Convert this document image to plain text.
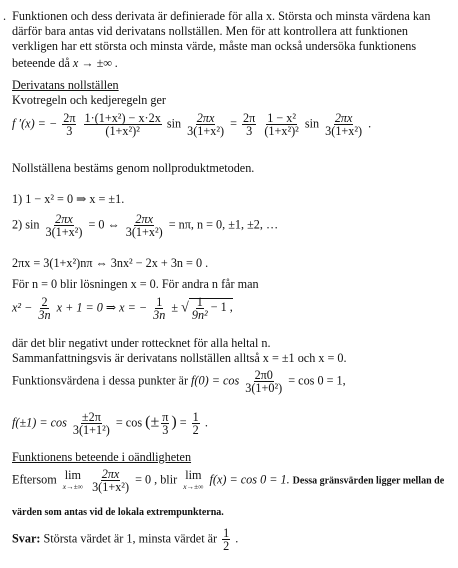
. Funktionen och dess derivata är definierade för alla x. Största och minsta värdena kan
därför bara antas vid derivatans nollställen. Men för att kontrollera att funktionen
verkligen har ett största och minsta värde, måste man också undersöka funktionens
beteende då x → ±∞ .
Derivatans nollställen
Kvotregeln och kedjeregeln ger
f ′(x) = − $\frac{2\pi}{3}$
$\frac{\text{1·(1+x²) − x·2x}}{\text{(1+x²)²}}$ $\sin \frac{2\pi x}{\text{3(1+x²)}} = \frac{2\pi}{3}$
$\frac{\text{1 − x²}}{\text{(1+x²)²}}$ $\sin \frac{2\pi x}{\text{3(1+x²)}}$ .
Nollställena bestäms genom nollproduktmetoden.
1) 1 − x² = 0 ⇒ x = ±1.
2) $\sin \frac{2\pi x}{\text{3(1+x²)}} = 0$ ⇔ $\frac{2\pi x}{\text{3(1+x²)}} = n\pi$, n = 0, ±1, ±2, …
2πx = 3(1+x²)nπ ⇔ 3nx² − 2x + 3n = 0 .
För n = 0 blir lösningen x = 0. För andra n får man
$x^2 - \frac{2}{3n}$ x + 1 = 0 ⇒ x = − $\frac{1}{3n}$ ± √ $\frac{1}{\text{9n²}} - 1$ ,
där det blir negativt under rottecknet för alla heltal n.
Sammanfattningsvis är derivatans nollställen alltså x = ±1 och x = 0.
Funktionsvärdena i dessa punkter är $f(0) = \cos \frac{2\pi 0}{\text{3(1+0²)}} = \cos 0 = 1$,
$f(\pm 1) = \cos \frac{\pm 2\pi}{\text{3(1+1²)}} = \cos$ (± $\frac{\pi}{3}$ ) = $\frac{1}{2}$ .
Funktionens beteende i oändligheten
Eftersom lim
x→±∞
$\frac{2\pi x}{\text{3(1+x²)}} = 0$ , blir lim
x→±∞ f(x) = cos 0 = 1. Dessa gränsvärden ligger mellan de
värden som antas vid de lokala extrempunkterna.
Svar: Största värdet är 1, minsta värdet är $\frac{1}{2}$ .
